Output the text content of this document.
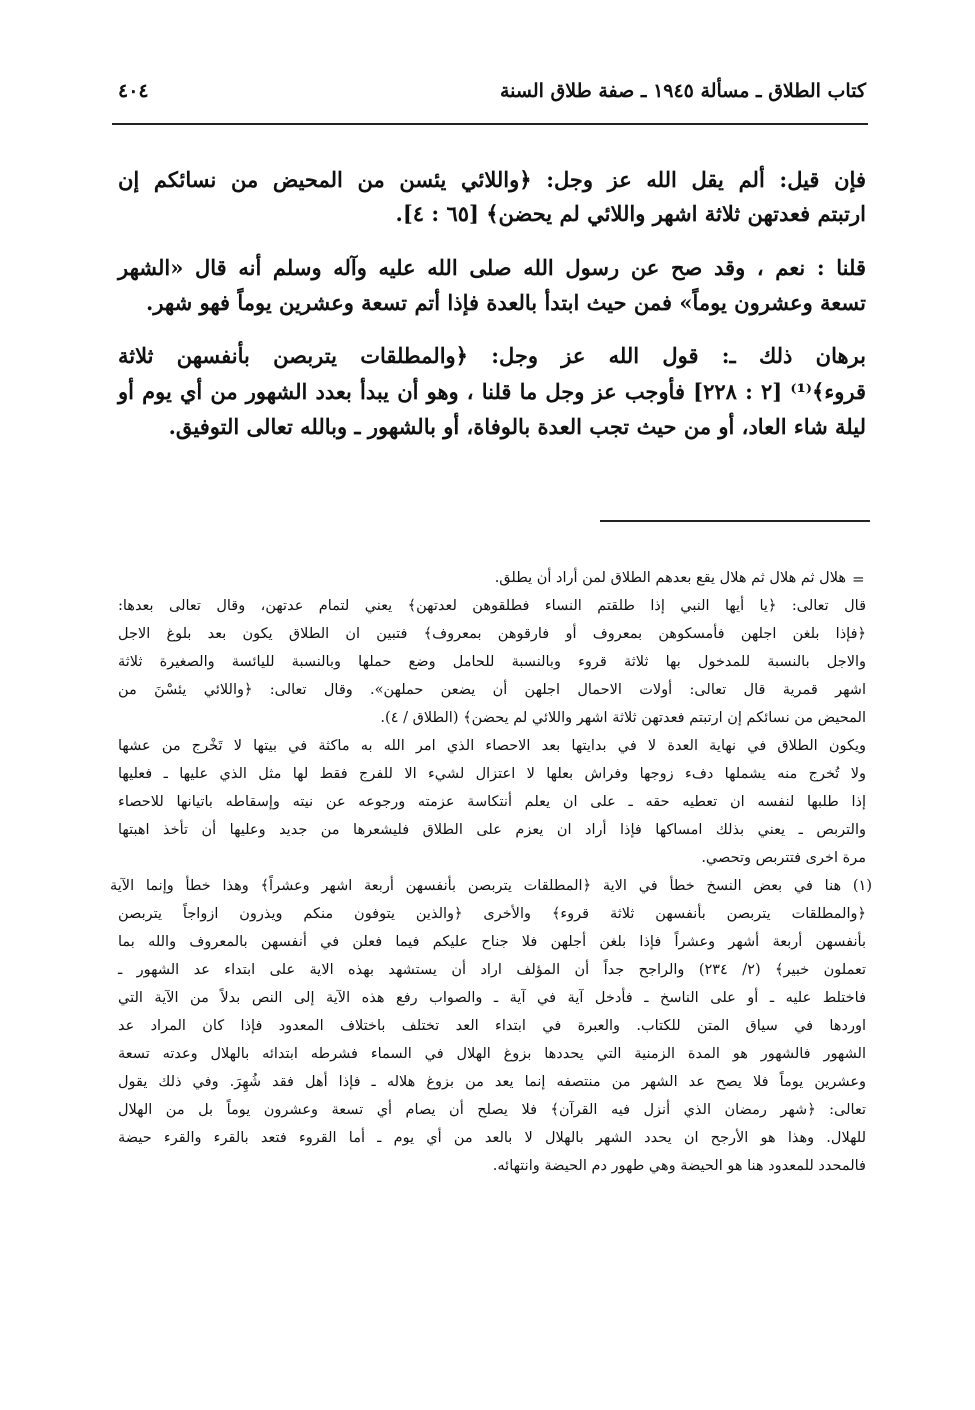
كتاب الطلاق ـ مسألة ١٩٤٥ ـ صفة طلاق السنة
٤٠٤
فإن قيل: ألم يقل الله عز وجل: ﴿واللائي يئسن من المحيض من نسائكم إن
ارتبتم فعدتهن ثلاثة اشهر واللائي لم يحضن﴾ [٦٥ : ٤].
قلنا : نعم ، وقد صح عن رسول الله صلى الله عليه وآله وسلم أنه قال «الشهر
تسعة وعشرون يوماً» فمن حيث ابتدأ بالعدة فإذا أتم تسعة وعشرين يوماً فهو شهر.
برهان ذلك ـ: قول الله عز وجل: ﴿والمطلقات يتربصن بأنفسهن ثلاثة
قروء﴾⁽¹⁾ [٢ : ٢٢٨] فأوجب عز وجل ما قلنا ، وهو أن يبدأ بعدد الشهور من أي يوم أو
ليلة شاء العاد، أو من حيث تجب العدة بالوفاة، أو بالشهور ـ وبالله تعالى التوفيق.
=
هلال ثم هلال ثم هلال يقع بعدهم الطلاق لمن أراد أن يطلق.
قال تعالى: ﴿يا أيها النبي إذا طلقتم النساء فطلقوهن لعدتهن﴾ يعني لتمام عدتهن، وقال تعالى بعدها:
﴿فإذا بلغن اجلهن فأمسكوهن بمعروف أو فارقوهن بمعروف﴾ فتبين ان الطلاق يكون بعد بلوغ الاجل
والاجل بالنسبة للمدخول بها ثلاثة قروء وبالنسبة للحامل وضع حملها وبالنسبة لليائسة والصغيرة ثلاثة
اشهر قمرية قال تعالى: أولات الاحمال اجلهن أن يضعن حملهن». وقال تعالى: ﴿واللائي يئسْنَ من
المحيض من نسائكم إن ارتبتم فعدتهن ثلاثة اشهر واللائي لم يحضن﴾ (الطلاق / ٤).
ويكون الطلاق في نهاية العدة لا في بدايتها بعد الاحصاء الذي امر الله به ماكثة في بيتها لا تَخْرج من عشها
ولا تُخرج منه يشملها دفء زوجها وفراش بعلها لا اعتزال لشيء الا للفرج فقط لها مثل الذي عليها ـ فعليها
إذا طلبها لنفسه ان تعطيه حقه ـ على ان يعلم أنتكاسة عزمته ورجوعه عن نيته وإسقاطه باتيانها للاحصاء
والتربص ـ يعني بذلك امساكها فإذا أراد ان يعزم على الطلاق فليشعرها من جديد وعليها أن تأخذ اهبتها
مرة اخرى فتتربص وتحصي.
(١) هنا في بعض النسخ خطأ في الاية ﴿المطلقات يتربصن بأنفسهن أربعة اشهر وعشراً﴾ وهذا خطأ وإنما الآية
﴿والمطلقات يتربصن بأنفسهن ثلاثة قروء﴾ والأخرى ﴿والذين يتوفون منكم ويذرون ازواجاً يتربصن
بأنفسهن أربعة أشهر وعشراً فإذا بلغن أجلهن فلا جناح عليكم فيما فعلن في أنفسهن بالمعروف والله بما
تعملون خبير﴾ (٢/ ٢٣٤) والراجح جداً أن المؤلف اراد أن يستشهد بهذه الاية على ابتداء عد الشهور ـ
فاختلط عليه ـ أو على الناسخ ـ فأدخل آية في آية ـ والصواب رفع هذه الآية إلى النص بدلاً من الآية التي
اوردها في سياق المتن للكتاب. والعبرة في ابتداء العد تختلف باختلاف المعدود فإذا كان المراد عد
الشهور فالشهور هو المدة الزمنية التي يحددها بزوغ الهلال في السماء فشرطه ابتدائه بالهلال وعدته تسعة
وعشرين يوماً فلا يصح عد الشهر من منتصفه إنما يعد من بزوغ هلاله ـ فإذا أهل فقد شُهِرَ. وفي ذلك يقول
تعالى: ﴿شهر رمضان الذي أنزل فيه القرآن﴾ فلا يصلح أن يصام أي تسعة وعشرون يوماً بل من الهلال
للهلال. وهذا هو الأرجح ان يحدد الشهر بالهلال لا بالعد من أي يوم ـ أما القروء فتعد بالقرء والقرء حيضة
فالمحدد للمعدود هنا هو الحيضة وهي طهور دم الحيضة وانتهائه.
